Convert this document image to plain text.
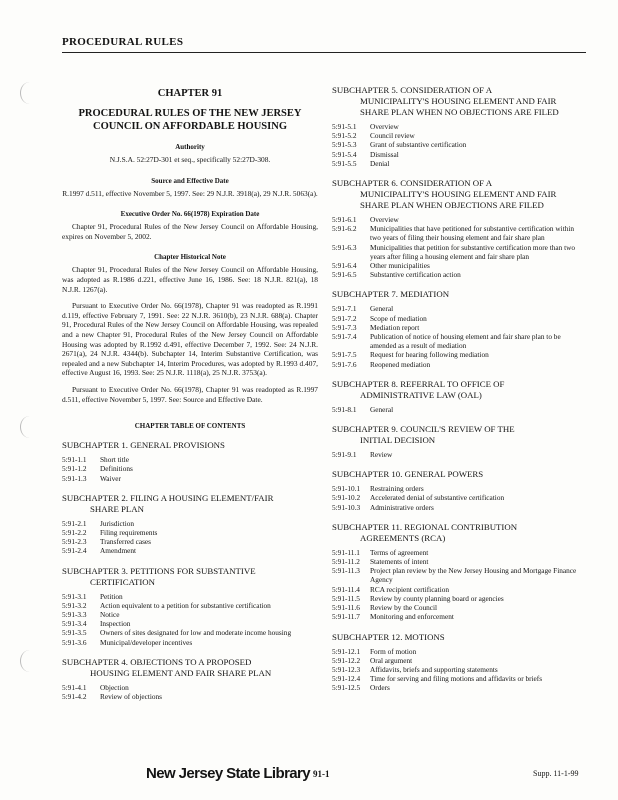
PROCEDURAL RULES
CHAPTER 91
PROCEDURAL RULES OF THE NEW JERSEY COUNCIL ON AFFORDABLE HOUSING
Authority
N.J.S.A. 52:27D-301 et seq., specifically 52:27D-308.
Source and Effective Date
R.1997 d.511, effective November 5, 1997. See: 29 N.J.R. 3918(a), 29 N.J.R. 5063(a).
Executive Order No. 66(1978) Expiration Date
Chapter 91, Procedural Rules of the New Jersey Council on Affordable Housing, expires on November 5, 2002.
Chapter Historical Note
Chapter 91, Procedural Rules of the New Jersey Council on Affordable Housing, was adopted as R.1986 d.221, effective June 16, 1986. See: 18 N.J.R. 821(a), 18 N.J.R. 1267(a).
Pursuant to Executive Order No. 66(1978), Chapter 91 was readopted as R.1991 d.119, effective February 7, 1991. See: 22 N.J.R. 3610(b), 23 N.J.R. 688(a). Chapter 91, Procedural Rules of the New Jersey Council on Affordable Housing, was repealed and a new Chapter 91, Procedural Rules of the New Jersey Council on Affordable Housing was adopted by R.1992 d.491, effective December 7, 1992. See: 24 N.J.R. 2671(a), 24 N.J.R. 4344(b). Subchapter 14, Interim Substantive Certification, was repealed and a new Subchapter 14, Interim Procedures, was adopted by R.1993 d.407, effective August 16, 1993. See: 25 N.J.R. 1118(a), 25 N.J.R. 3753(a).
Pursuant to Executive Order No. 66(1978), Chapter 91 was readopted as R.1997 d.511, effective November 5, 1997. See: Source and Effective Date.
CHAPTER TABLE OF CONTENTS
SUBCHAPTER 1. GENERAL PROVISIONS
5:91-1.1	Short title
5:91-1.2	Definitions
5:91-1.3	Waiver
SUBCHAPTER 2. FILING A HOUSING ELEMENT/FAIR
SHARE PLAN
5:91-2.1	Jurisdiction
5:91-2.2	Filing requirements
5:91-2.3	Transferred cases
5:91-2.4	Amendment
SUBCHAPTER 3. PETITIONS FOR SUBSTANTIVE
CERTIFICATION
5:91-3.1	Petition
5:91-3.2	Action equivalent to a petition for substantive certification
5:91-3.3	Notice
5:91-3.4	Inspection
5:91-3.5	Owners of sites designated for low and moderate income housing
5:91-3.6	Municipal/developer incentives
SUBCHAPTER 4. OBJECTIONS TO A PROPOSED
HOUSING ELEMENT AND FAIR SHARE PLAN
5:91-4.1	Objection
5:91-4.2	Review of objections
SUBCHAPTER 5. CONSIDERATION OF A
MUNICIPALITY'S HOUSING ELEMENT AND FAIR SHARE PLAN WHEN NO OBJECTIONS ARE FILED
5:91-5.1	Overview
5:91-5.2	Council review
5:91-5.3	Grant of substantive certification
5:91-5.4	Dismissal
5:91-5.5	Denial
SUBCHAPTER 6. CONSIDERATION OF A
MUNICIPALITY'S HOUSING ELEMENT AND FAIR SHARE PLAN WHEN OBJECTIONS ARE FILED
5:91-6.1	Overview
5:91-6.2	Municipalities that have petitioned for substantive certification within two years of filing their housing element and fair share plan
5:91-6.3	Municipalities that petition for substantive certification more than two years after filing a housing element and fair share plan
5:91-6.4	Other municipalities
5:91-6.5	Substantive certification action
SUBCHAPTER 7. MEDIATION
5:91-7.1	General
5:91-7.2	Scope of mediation
5:91-7.3	Mediation report
5:91-7.4	Publication of notice of housing element and fair share plan to be amended as a result of mediation
5:91-7.5	Request for hearing following mediation
5:91-7.6	Reopened mediation
SUBCHAPTER 8. REFERRAL TO OFFICE OF
ADMINISTRATIVE LAW (OAL)
5:91-8.1	General
SUBCHAPTER 9. COUNCIL'S REVIEW OF THE
INITIAL DECISION
5:91-9.1	Review
SUBCHAPTER 10. GENERAL POWERS
5:91-10.1	Restraining orders
5:91-10.2	Accelerated denial of substantive certification
5:91-10.3	Administrative orders
SUBCHAPTER 11. REGIONAL CONTRIBUTION
AGREEMENTS (RCA)
5:91-11.1	Terms of agreement
5:91-11.2	Statements of intent
5:91-11.3	Project plan review by the New Jersey Housing and Mortgage Finance Agency
5:91-11.4	RCA recipient certification
5:91-11.5	Review by county planning board or agencies
5:91-11.6	Review by the Council
5:91-11.7	Monitoring and enforcement
SUBCHAPTER 12. MOTIONS
5:91-12.1	Form of motion
5:91-12.2	Oral argument
5:91-12.3	Affidavits, briefs and supporting statements
5:91-12.4	Time for serving and filing motions and affidavits or briefs
5:91-12.5	Orders
New Jersey State Library 91-1	Supp. 11-1-99
